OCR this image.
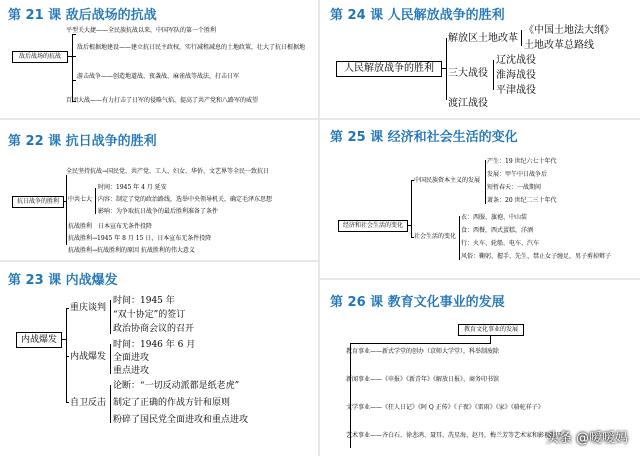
第 21 课 敌后战场的抗战
敌后战场的抗战
平型关大捷——全民族抗战以来，中国军队的第一个胜利
敌后根据地建设——建立抗日民主政权，实行减租减息的土地政策，壮大了抗日根据地
游击战争——创造地道战、夜袭战、麻雀战等战法，打击日军
百团大战——有力打击了日军的侵略气焰，提高了共产党和八路军的威望
第 22 课 抗日战争的胜利
抗日战争的胜利
全民坚持抗战→国民党、共产党、工人、妇女、华侨、文艺界等全民一致抗日
中共七大
时间：1945 年 4 月 延安
内容：制定了党的政治路线，选举中央领导机关，确定毛泽东思想
影响：为争取抗日战争的最后胜利准备了条件
抗战胜利 日本宣布无条件投降
抗战胜利→1945 年 8 月 15 日，日本宣布无条件投降
抗战胜利→抗战胜利的原因 抗战胜利的伟大意义
第 23 课 内战爆发
内战爆发
重庆谈判
时间：1945 年
“双十协定”的签订
政治协商会议的召开
内战爆发
时间：1946 年 6 月
全面进攻
重点进攻
自卫反击
论断：“一切反动派都是纸老虎”
制定了正确的作战方针和原则
粉碎了国民党全面进攻和重点进攻
第 24 课 人民解放战争的胜利
人民解放战争的胜利
解放区土地改革
《中国土地法大纲》
土地改革总路线
三大战役
辽沈战役
淮海战役
平津战役
渡江战役
第 25 课 经济和社会生活的变化
经济和社会生活的变化
中国民族资本主义的发展
产生：19 世纪六七十年代
发展：甲午中日战争后
短暂春天：一战期间
萧条：20 世纪二三十年代
社会生活的变化
衣：西服、旗袍、中山装
食：西餐，西式蛋糕，洋酒
行：火车、轮船、电车、汽车
风俗：鞠躬、握手、先生、禁止女子缠足，男子剪掉辫子
第 26 课 教育文化事业的发展
教育文化事业的发展
教育事业——新式学堂的创办（京师大学堂），科举制废除
新闻事业——《申报》《新青年》《解放日报》、商务印书馆
文学事业——《狂人日记》《阿 Q 正传》《子夜》《雷雨》《家》《骆驼祥子》
艺术事业——齐白石、徐悲鸿、聂耳、冼星海、赵丹，梅兰芳等艺术家和影视明星
头条 @嗳嗳妈
